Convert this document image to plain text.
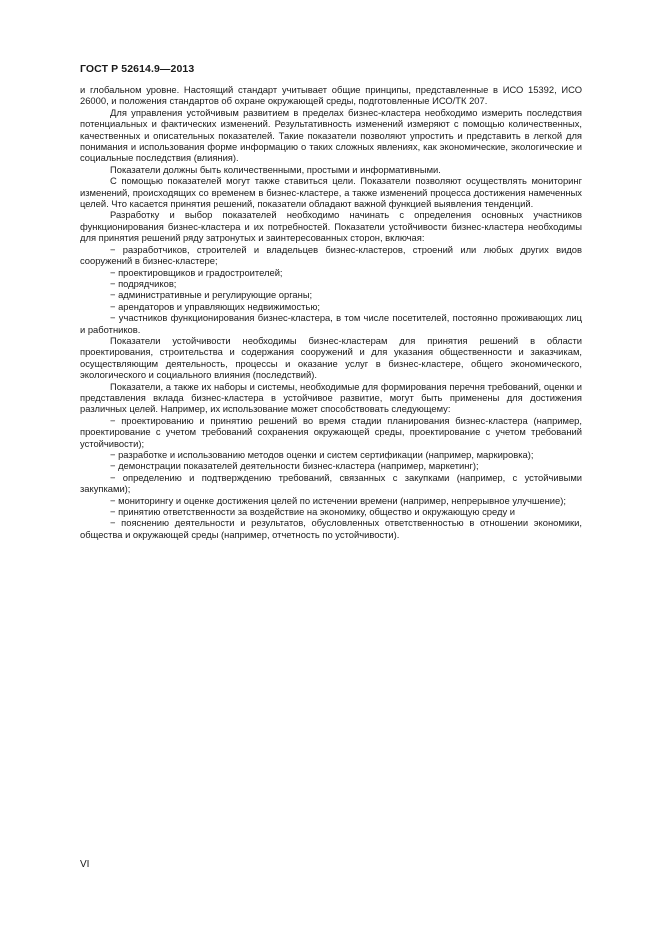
ГОСТ Р 52614.9—2013

и глобальном уровне. Настоящий стандарт учитывает общие принципы, представленные в ИСО 15392, ИСО 26000, и положения стандартов об охране окружающей среды, подготовленные ИСО/ТК 207.

Для управления устойчивым развитием в пределах бизнес-кластера необходимо измерить последствия потенциальных и фактических изменений. Результативность изменений измеряют с помощью количественных, качественных и описательных показателей. Такие показатели позволяют упростить и представить в легкой для понимания и использования форме информацию о таких сложных явлениях, как экономические, экологические и социальные последствия (влияния).

Показатели должны быть количественными, простыми и информативными.

С помощью показателей могут также ставиться цели. Показатели позволяют осуществлять мониторинг изменений, происходящих со временем в бизнес-кластере, а также изменений процесса достижения намеченных целей. Что касается принятия решений, показатели обладают важной функцией выявления тенденций.

Разработку и выбор показателей необходимо начинать с определения основных участников функционирования бизнес-кластера и их потребностей. Показатели устойчивости бизнес-кластера необходимы для принятия решений ряду затронутых и заинтересованных сторон, включая:

− разработчиков, строителей и владельцев бизнес-кластеров, строений или любых других видов сооружений в бизнес-кластере;

− проектировщиков и градостроителей;

− подрядчиков;

− административные и регулирующие органы;

− арендаторов и управляющих недвижимостью;

− участников функционирования бизнес-кластера, в том числе посетителей, постоянно проживающих лиц и работников.

Показатели устойчивости необходимы бизнес-кластерам для принятия решений в области проектирования, строительства и содержания сооружений и для указания общественности и заказчикам, осуществляющим деятельность, процессы и оказание услуг в бизнес-кластере, общего экономического, экологического и социального влияния (последствий).

Показатели, а также их наборы и системы, необходимые для формирования перечня требований, оценки и представления вклада бизнес-кластера в устойчивое развитие, могут быть применены для достижения различных целей. Например, их использование может способствовать следующему:

− проектированию и принятию решений во время стадии планирования бизнес-кластера (например, проектирование с учетом требований сохранения окружающей среды, проектирование с учетом требований устойчивости);

− разработке и использованию методов оценки и систем сертификации (например, маркировка);

− демонстрации показателей деятельности бизнес-кластера (например, маркетинг);

− определению и подтверждению требований, связанных с закупками (например, с устойчивыми закупками);

− мониторингу и оценке достижения целей по истечении времени (например, непрерывное улучшение);

− принятию ответственности за воздействие на экономику, общество и окружающую среду и

− пояснению деятельности и результатов, обусловленных ответственностью в отношении экономики, общества и окружающей среды (например, отчетность по устойчивости).

VI
